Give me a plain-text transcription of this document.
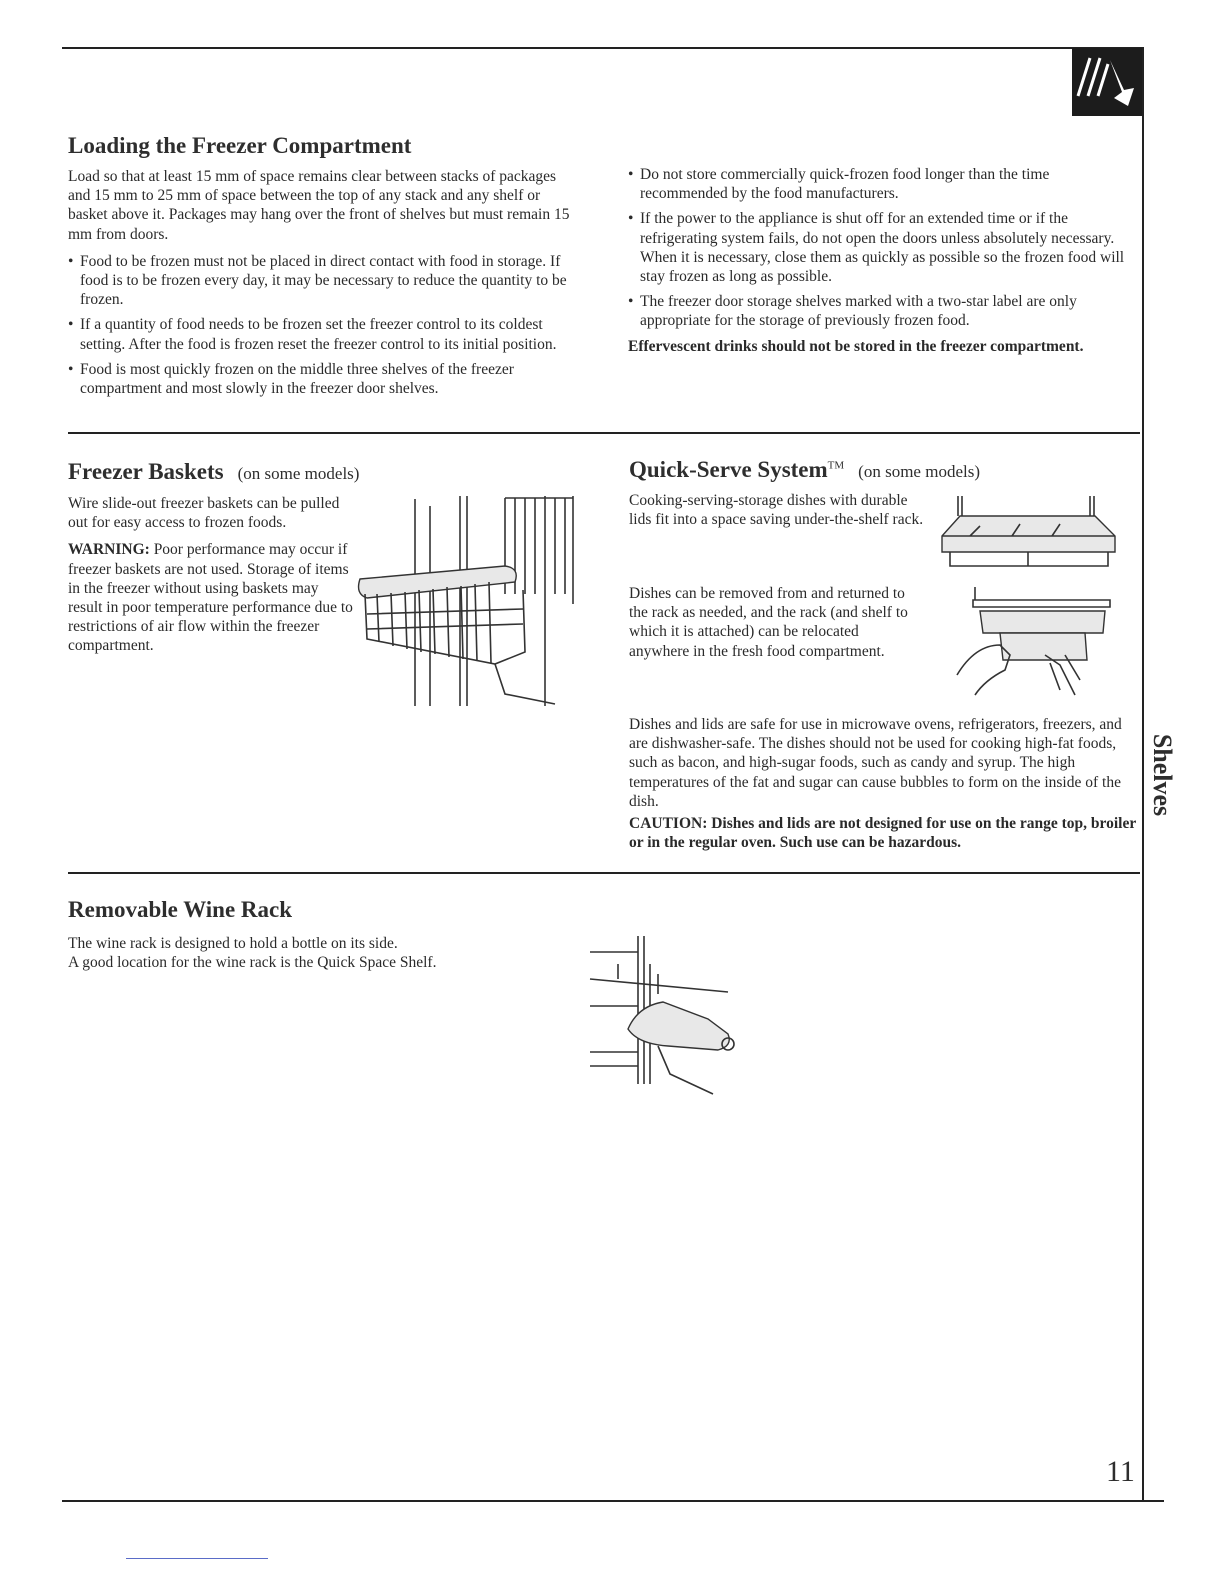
Loading the Freezer Compartment

Load so that at least 15 mm of space remains clear between stacks of packages and 15 mm to 25 mm of space between the top of any stack and any shelf or basket above it. Packages may hang over the front of shelves but must remain 15 mm from doors.

• Food to be frozen must not be placed in direct contact with food in storage. If food is to be frozen every day, it may be necessary to reduce the quantity to be frozen.
• If a quantity of food needs to be frozen set the freezer control to its coldest setting. After the food is frozen reset the freezer control to its initial position.
• Food is most quickly frozen on the middle three shelves of the freezer compartment and most slowly in the freezer door shelves.
• Do not store commercially quick-frozen food longer than the time recommended by the food manufacturers.
• If the power to the appliance is shut off for an extended time or if the refrigerating system fails, do not open the doors unless absolutely necessary. When it is necessary, close them as quickly as possible so the frozen food will stay frozen as long as possible.
• The freezer door storage shelves marked with a two-star label are only appropriate for the storage of previously frozen food.

Effervescent drinks should not be stored in the freezer compartment.

Freezer Baskets (on some models)

Wire slide-out freezer baskets can be pulled out for easy access to frozen foods.

WARNING: Poor performance may occur if freezer baskets are not used. Storage of items in the freezer without using baskets may result in poor temperature performance due to restrictions of air flow within the freezer compartment.

Quick-Serve System™ (on some models)

Cooking-serving-storage dishes with durable lids fit into a space saving under-the-shelf rack.

Dishes can be removed from and returned to the rack as needed, and the rack (and shelf to which it is attached) can be relocated anywhere in the fresh food compartment.

Dishes and lids are safe for use in microwave ovens, refrigerators, freezers, and are dishwasher-safe. The dishes should not be used for cooking high-fat foods, such as bacon, and high-sugar foods, such as candy and syrup. The high temperatures of the fat and sugar can cause bubbles to form on the inside of the dish.

CAUTION: Dishes and lids are not designed for use on the range top, broiler or in the regular oven. Such use can be hazardous.

Removable Wine Rack

The wine rack is designed to hold a bottle on its side.

A good location for the wine rack is the Quick Space Shelf.

Shelves
11
